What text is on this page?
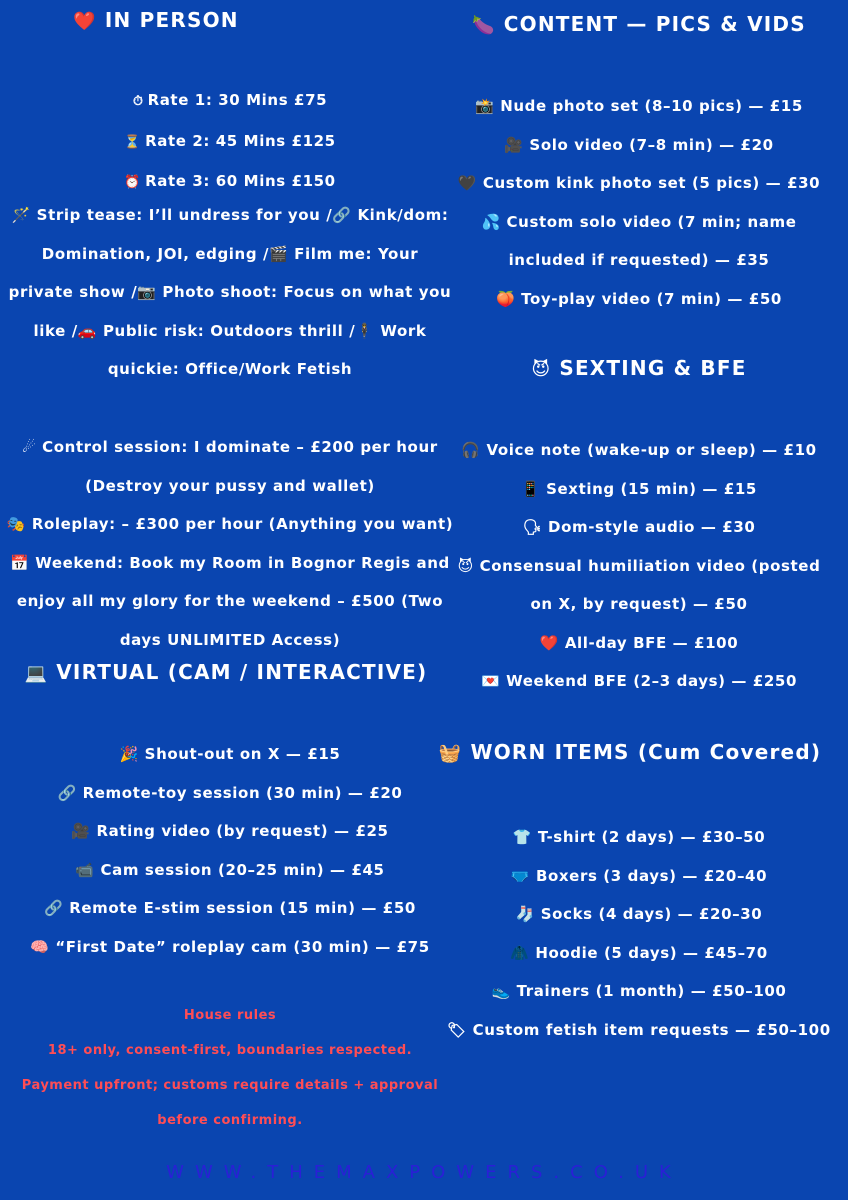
❤️ IN PERSON	🍆 CONTENT — PICS & VIDS
⏱ Rate 1: 30 Mins £75
⏳ Rate 2: 45 Mins £125
⏰ Rate 3: 60 Mins £150
🪄 Strip tease: I’ll undress for you /🔗 Kink/dom:
Domination, JOI, edging /🎬 Film me: Your
private show /📷 Photo shoot: Focus on what you
like /🚗 Public risk: Outdoors thrill /🕴 Work
quickie: Office/Work Fetish
☄ Control session: I dominate – £200 per hour
(Destroy your pussy and wallet)
🎭 Roleplay: – £300 per hour (Anything you want)
📅 Weekend: Book my Room in Bognor Regis and
enjoy all my glory for the weekend – £500 (Two
days UNLIMITED Access)
📸 Nude photo set (8–10 pics) — £15
🎥 Solo video (7–8 min) — £20
🖤 Custom kink photo set (5 pics) — £30
💦 Custom solo video (7 min; name
included if requested) — £35
🍑 Toy-play video (7 min) — £50
😈 SEXTING & BFE
🎧 Voice note (wake-up or sleep) — £10
📱 Sexting (15 min) — £15
🗣 Dom-style audio — £30
😈 Consensual humiliation video (posted
on X, by request) — £50
❤️ All-day BFE — £100
💌 Weekend BFE (2–3 days) — £250
💻 VIRTUAL (CAM / INTERACTIVE)
🎉 Shout-out on X — £15
🔗 Remote-toy session (30 min) — £20
🎥 Rating video (by request) — £25
📹 Cam session (20–25 min) — £45
🔗 Remote E-stim session (15 min) — £50
🧠 “First Date” roleplay cam (30 min) — £75
🧺 WORN ITEMS (Cum Covered)
👕 T-shirt (2 days) — £30–50
🩲 Boxers (3 days) — £20–40
🧦 Socks (4 days) — £20–30
🧥 Hoodie (5 days) — £45–70
👟 Trainers (1 month) — £50–100
🏷 Custom fetish item requests — £50–100
House rules
18+ only, consent-first, boundaries respected.
Payment upfront; customs require details + approval
before confirming.
WWW.THEMAXPOWERS.CO.UK
